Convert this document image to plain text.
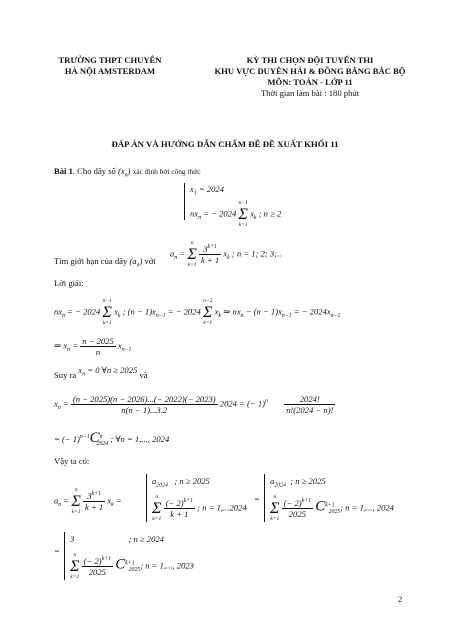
TRƯỜNG THPT CHUYÊN
HÀ NỘI AMSTERDAM
KỲ THI CHỌN ĐỘI TUYỂN THI
KHU VỰC DUYÊN HẢI & ĐỒNG BẰNG BẮC BỘ
MÔN: TOÁN - LỚP 11
Thời gian làm bài : 180 phút
ĐÁP ÁN VÀ HƯỚNG DẪN CHẤM ĐỀ ĐỀ XUẤT KHỐI 11
Bài 1. Cho dãy số $(x_n)$ xác định bởi công thức
$x_1 = 2024$
$nx_n$ = − 2024
n−1
Σ
k=1
$x_k$ ; n ≥ 2
Tìm giới hạn của dãy $(a_n)$ với
$a_n$ =
n
Σ
k=1
$\frac{3^{k+1}}{k + 1} x_k$ ; n = 1; 2; 3;..
Lời giải:
$nx_n$ = − 2024
n−1
Σ
k=1
$x_k$ ; $(n - 1)x_{n-1}$ = − 2024
n−2
Σ
k=1
$x_k$ ⇒ $nx_n - (n - 1)x_{n-1}$ = − $2024x_{n-1}$
⇒ $x_n = \frac{n - 2025}{n} x_{n-1}$
Suy ra $x_n = 0$ ∀n ≥ 2025 và
$x_n = \frac{(n - 2025)(n - 2026)...(- 2022)(- 2023)}{n(n - 1)...3.2} 2024$ = (− $1)^n \frac{2024!}{n!(2024 - n)!}$
= (− $1)^{n-1}C^n_{2024}$ ; ∀n = 1,..., 2024
Vậy ta có:
$a_n$ =
n
Σ
k=1
$\frac{3^{k+1}}{k + 1} x_k$ =
$a_{2024}$   ; n ≥ 2025
n
Σ
k=1
$\frac{(- 2)^{k+1}}{k + 1}$ ; n = 1,...2024
=
$a_{2024}$  ; n ≥ 2025
n
Σ
k=1
$\frac{(- 2)^{k+1}}{2025} C^{k+1}_{2025}$; n = 1,..., 2024
=
3	; n ≥ 2024
n
Σ
k=1
$\frac{(- 2)^{k+1}}{2025} C^{k+1}_{2025}$; n = 1,..., 2023
2
